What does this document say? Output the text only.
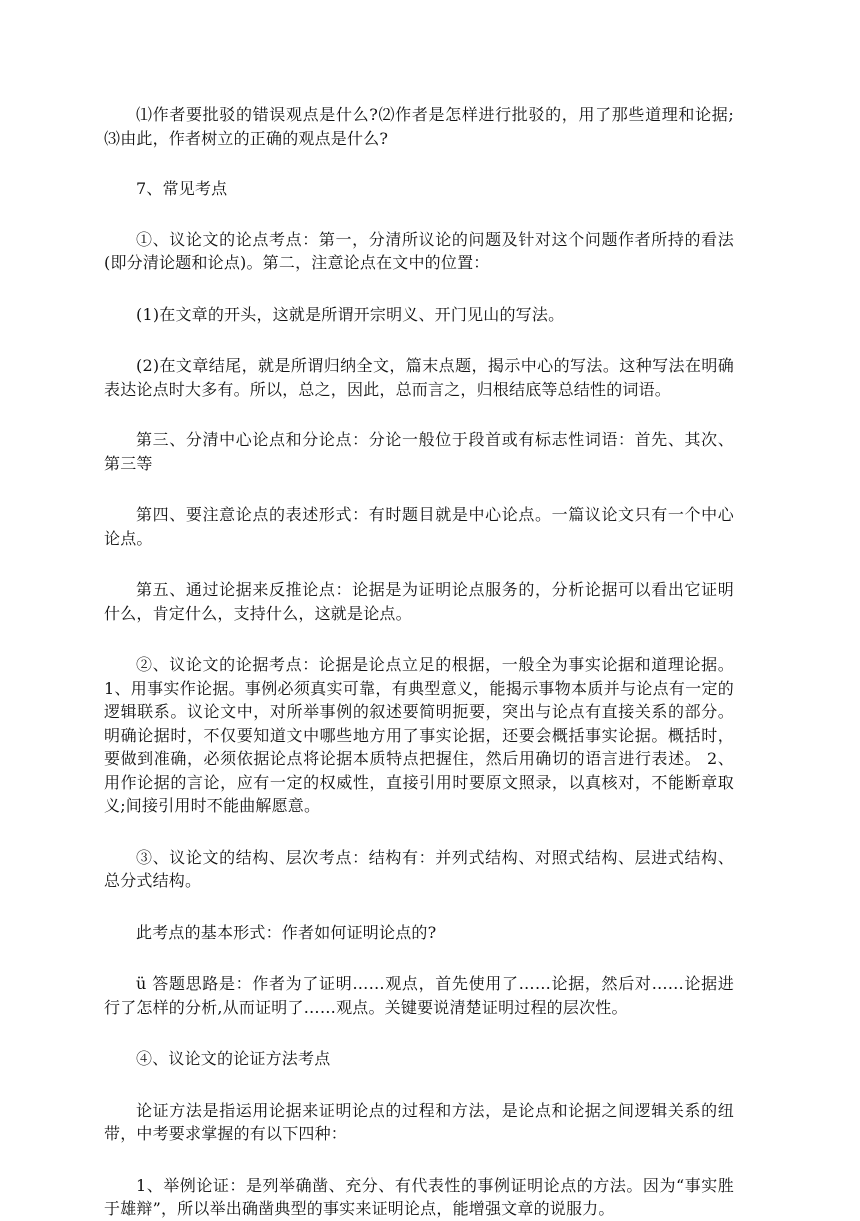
⑴作者要批驳的错误观点是什么?⑵作者是怎样进行批驳的，用了那些道理和论据; ⑶由此，作者树立的正确的观点是什么?

7、常见考点

①、议论文的论点考点：第一，分清所议论的问题及针对这个问题作者所持的看法(即分清论题和论点)。第二，注意论点在文中的位置：

(1)在文章的开头，这就是所谓开宗明义、开门见山的写法。

(2)在文章结尾，就是所谓归纳全文，篇末点题，揭示中心的写法。这种写法在明确表达论点时大多有。所以，总之，因此，总而言之，归根结底等总结性的词语。

第三、分清中心论点和分论点：分论一般位于段首或有标志性词语：首先、其次、第三等

第四、要注意论点的表述形式：有时题目就是中心论点。一篇议论文只有一个中心论点。

第五、通过论据来反推论点：论据是为证明论点服务的，分析论据可以看出它证明什么，肯定什么，支持什么，这就是论点。

②、议论文的论据考点：论据是论点立足的根据，一般全为事实论据和道理论据。1、用事实作论据。事例必须真实可靠，有典型意义，能揭示事物本质并与论点有一定的逻辑联系。议论文中，对所举事例的叙述要简明扼要，突出与论点有直接关系的部分。明确论据时，不仅要知道文中哪些地方用了事实论据，还要会概括事实论据。概括时，要做到准确，必须依据论点将论据本质特点把握住，然后用确切的语言进行表述。 2、用作论据的言论，应有一定的权威性，直接引用时要原文照录，以真核对，不能断章取义;间接引用时不能曲解愿意。

③、议论文的结构、层次考点：结构有：并列式结构、对照式结构、层进式结构、总分式结构。

此考点的基本形式：作者如何证明论点的?

ü 答题思路是：作者为了证明……观点，首先使用了……论据，然后对……论据进行了怎样的分析,从而证明了……观点。关键要说清楚证明过程的层次性。

④、议论文的论证方法考点

论证方法是指运用论据来证明论点的过程和方法，是论点和论据之间逻辑关系的纽带，中考要求掌握的有以下四种：

1、举例论证：是列举确凿、充分、有代表性的事例证明论点的方法。因为“事实胜于雄辩”，所以举出确凿典型的事实来证明论点，能增强文章的说服力。
